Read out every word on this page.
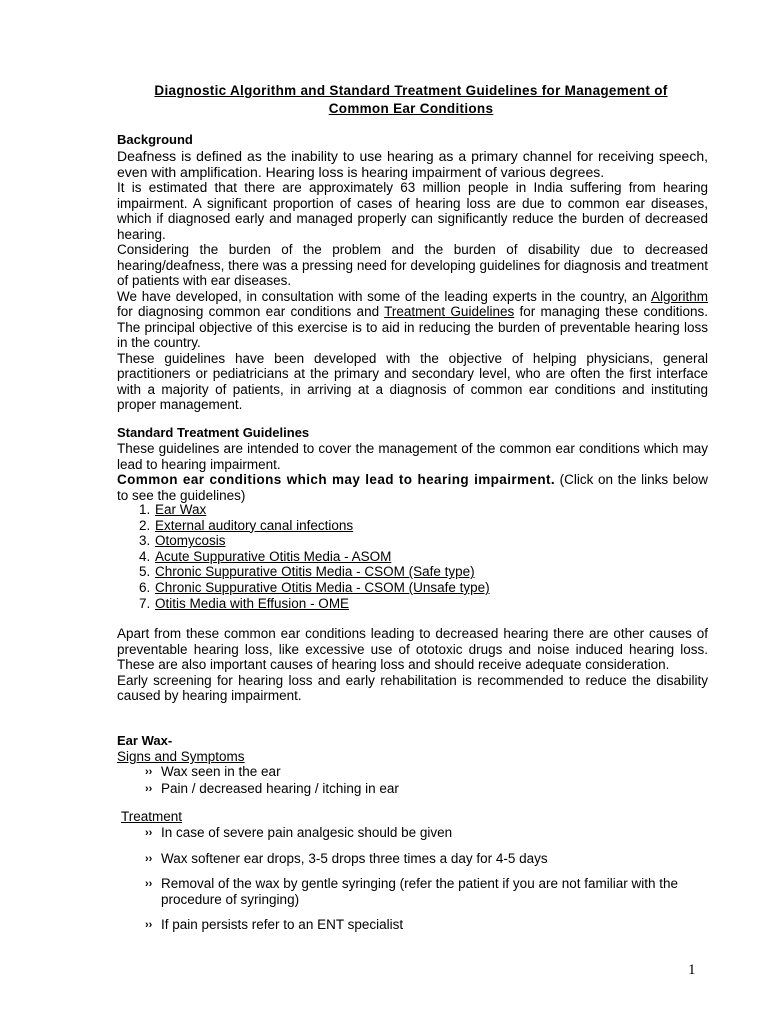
Diagnostic Algorithm and Standard Treatment Guidelines for Management of
Common Ear Conditions
Background

Deafness is defined as the inability to use hearing as a primary channel for receiving speech, even with amplification. Hearing loss is hearing impairment of various degrees.

It is estimated that there are approximately 63 million people in India suffering from hearing impairment. A significant proportion of cases of hearing loss are due to common ear diseases, which if diagnosed early and managed properly can significantly reduce the burden of decreased hearing.

Considering the burden of the problem and the burden of disability due to decreased hearing/deafness, there was a pressing need for developing guidelines for diagnosis and treatment of patients with ear diseases.

We have developed, in consultation with some of the leading experts in the country, an Algorithm for diagnosing common ear conditions and Treatment Guidelines for managing these conditions. The principal objective of this exercise is to aid in reducing the burden of preventable hearing loss in the country.

These guidelines have been developed with the objective of helping physicians, general practitioners or pediatricians at the primary and secondary level, who are often the first interface with a majority of patients, in arriving at a diagnosis of common ear conditions and instituting proper management.

Standard Treatment Guidelines

These guidelines are intended to cover the management of the common ear conditions which may lead to hearing impairment.

Common ear conditions which may lead to hearing impairment. (Click on the links below to see the guidelines)

1. Ear Wax
2. External auditory canal infections
3. Otomycosis
4. Acute Suppurative Otitis Media - ASOM
5. Chronic Suppurative Otitis Media - CSOM (Safe type)
6. Chronic Suppurative Otitis Media - CSOM (Unsafe type)
7. Otitis Media with Effusion - OME

Apart from these common ear conditions leading to decreased hearing there are other causes of preventable hearing loss, like excessive use of ototoxic drugs and noise induced hearing loss. These are also important causes of hearing loss and should receive adequate consideration.

Early screening for hearing loss and early rehabilitation is recommended to reduce the disability caused by hearing impairment.

Ear Wax-
Signs and Symptoms
›› Wax seen in the ear
›› Pain / decreased hearing / itching in ear
Treatment
›› In case of severe pain analgesic should be given
›› Wax softener ear drops, 3-5 drops three times a day for 4-5 days
›› Removal of the wax by gentle syringing (refer the patient if you are not familiar with the procedure of syringing)
›› If pain persists refer to an ENT specialist
1
